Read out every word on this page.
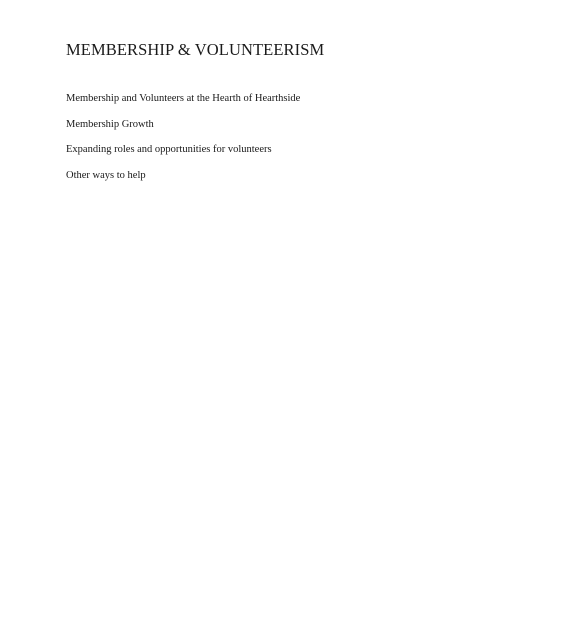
MEMBERSHIP & VOLUNTEERISM
Membership and Volunteers at the Hearth of Hearthside
Membership Growth
Expanding roles and opportunities for volunteers
Other ways to help
